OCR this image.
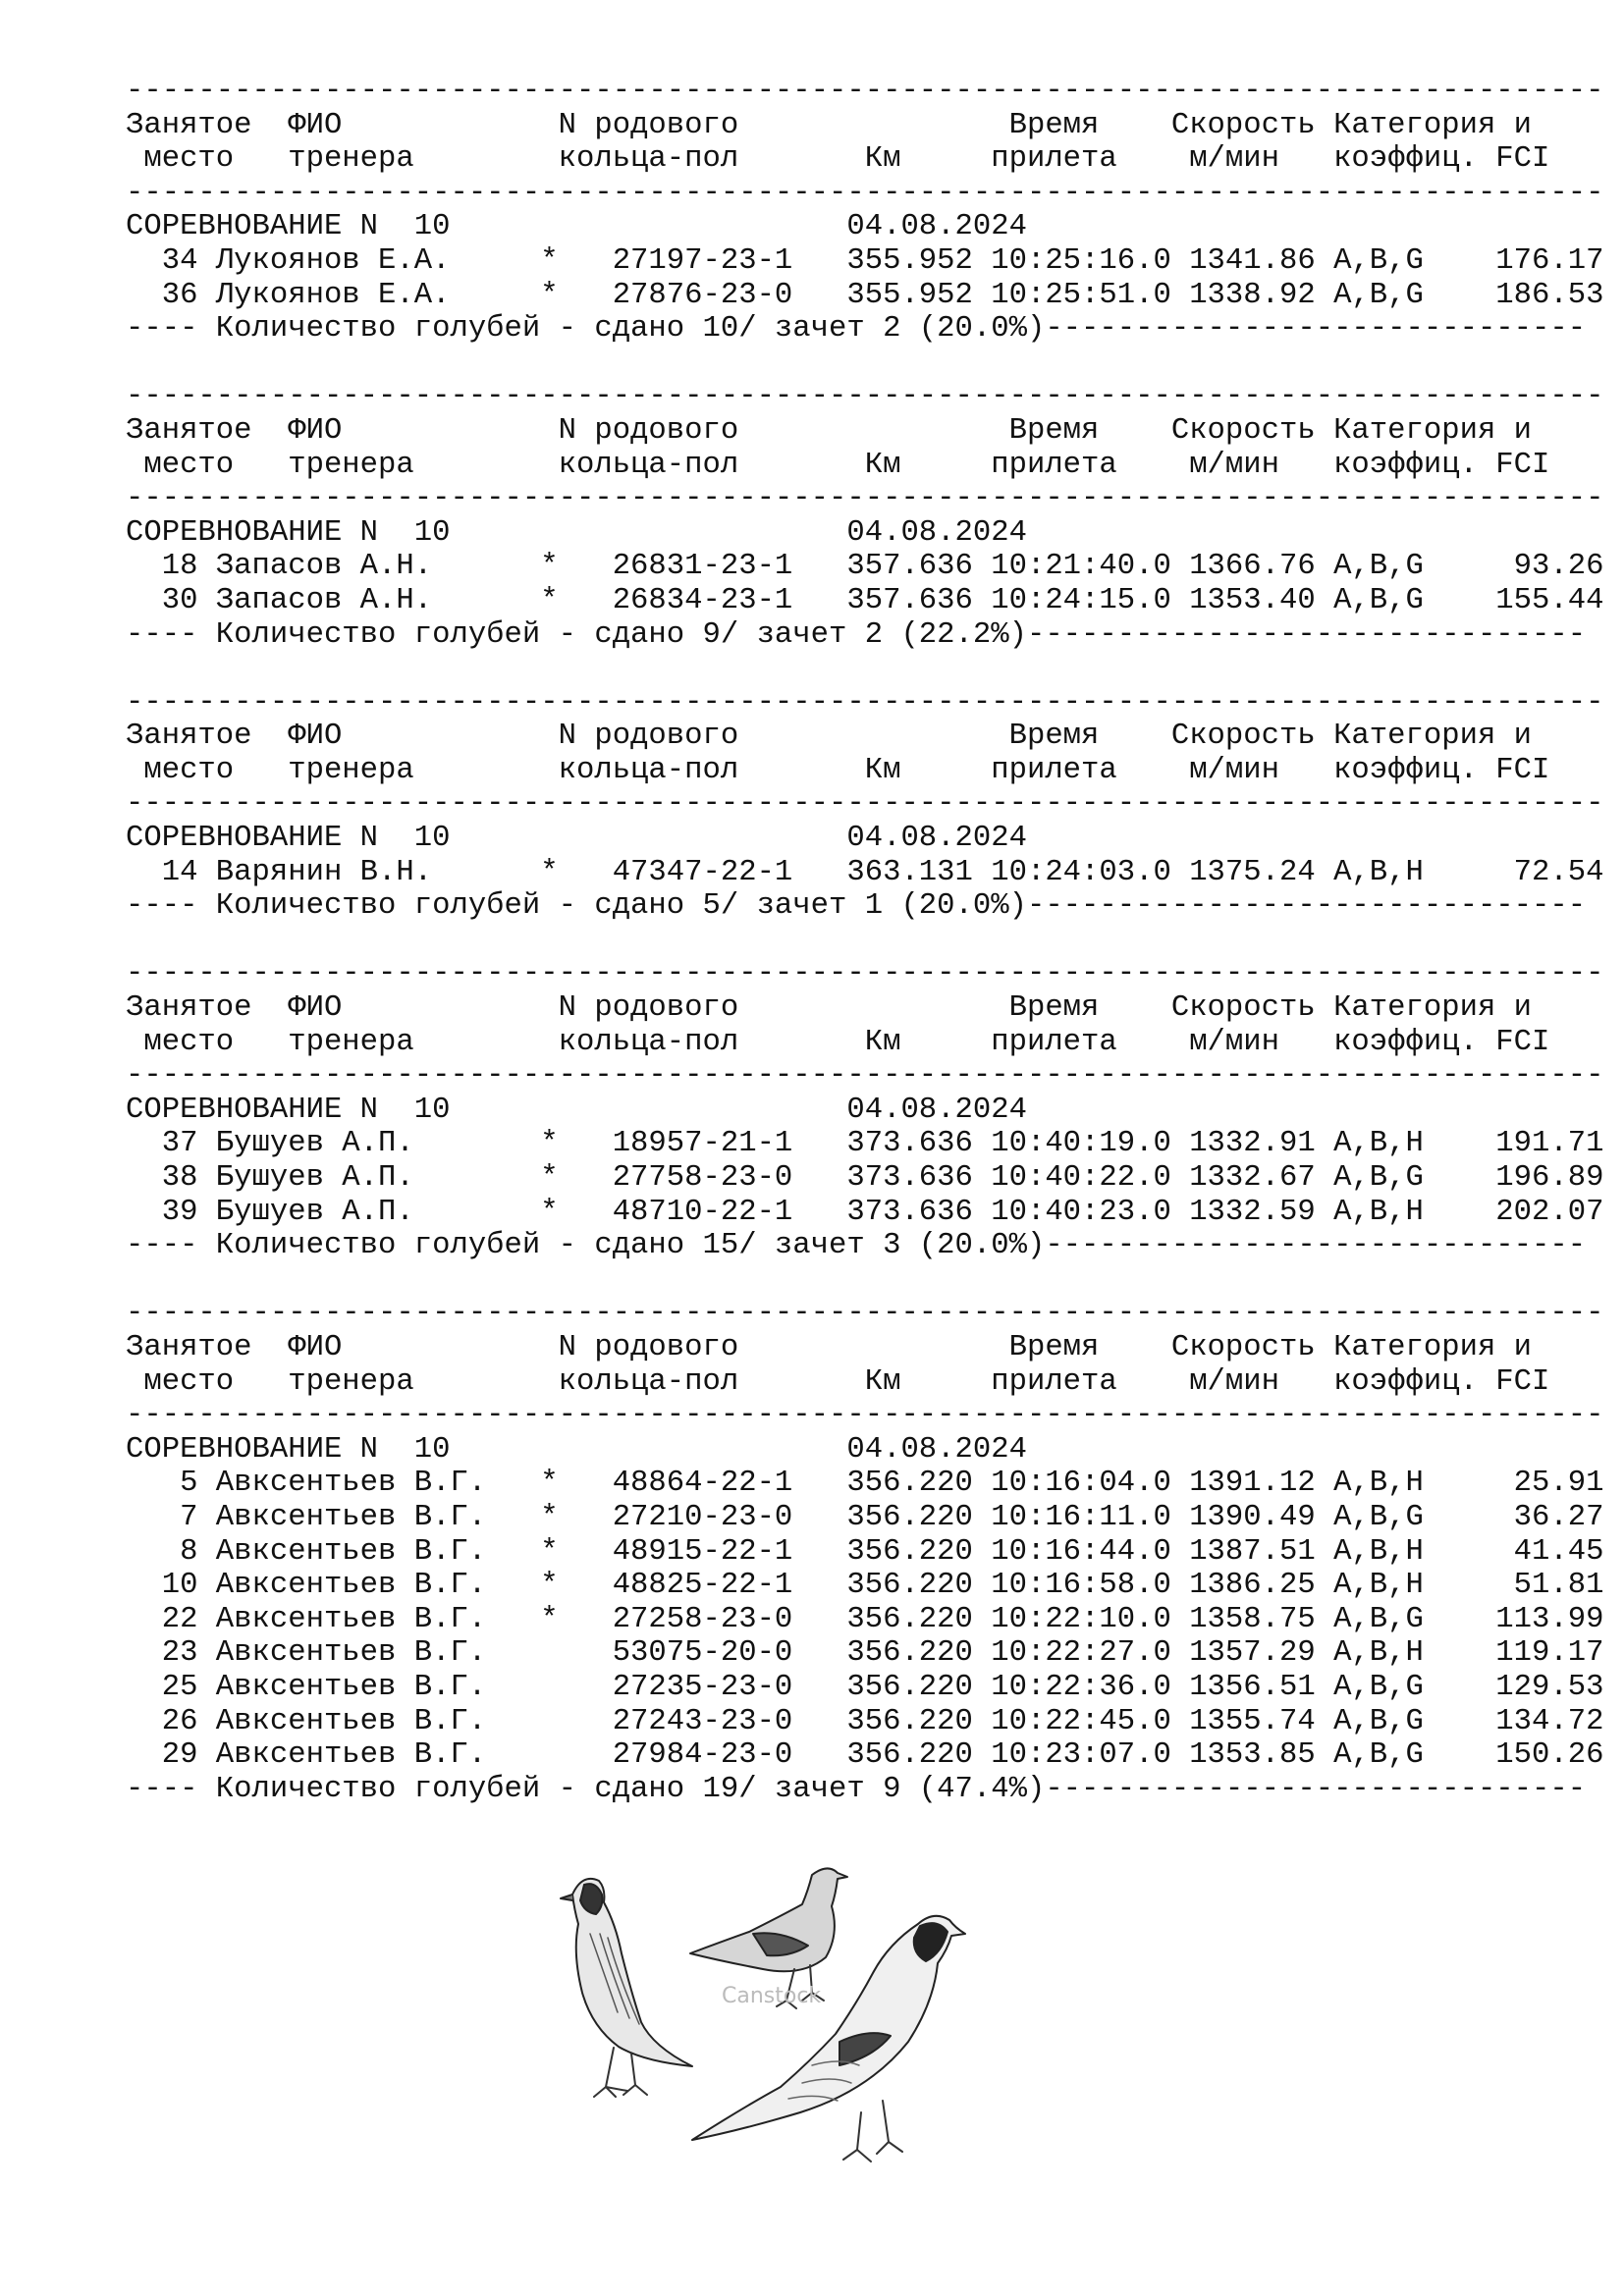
----------------------------------------------------------------------------------
Занятое  ФИО            N родового               Время    Скорость Категория и
место   тренера        кольца-пол       Км     прилета    м/мин   коэффиц. FCI
----------------------------------------------------------------------------------
СОРЕВНОВАНИЕ N  10                      04.08.2024
34 Лукоянов Е.А.     *   27197-23-1   355.952 10:25:16.0 1341.86 A,B,G    176.17
36 Лукоянов Е.А.     *   27876-23-0   355.952 10:25:51.0 1338.92 A,B,G    186.53
---- Количество голубей - сдано 10/ зачет 2 (20.0%)------------------------------
----------------------------------------------------------------------------------
Занятое  ФИО            N родового               Время    Скорость Категория и
место   тренера        кольца-пол       Км     прилета    м/мин   коэффиц. FCI
----------------------------------------------------------------------------------
СОРЕВНОВАНИЕ N  10                      04.08.2024
18 Запасов А.Н.      *   26831-23-1   357.636 10:21:40.0 1366.76 A,B,G     93.26
30 Запасов А.Н.      *   26834-23-1   357.636 10:24:15.0 1353.40 A,B,G    155.44
---- Количество голубей - сдано 9/ зачет 2 (22.2%)-------------------------------
----------------------------------------------------------------------------------
Занятое  ФИО            N родового               Время    Скорость Категория и
место   тренера        кольца-пол       Км     прилета    м/мин   коэффиц. FCI
----------------------------------------------------------------------------------
СОРЕВНОВАНИЕ N  10                      04.08.2024
14 Варянин В.Н.      *   47347-22-1   363.131 10:24:03.0 1375.24 A,B,H     72.54
---- Количество голубей - сдано 5/ зачет 1 (20.0%)-------------------------------
----------------------------------------------------------------------------------
Занятое  ФИО            N родового               Время    Скорость Категория и
место   тренера        кольца-пол       Км     прилета    м/мин   коэффиц. FCI
----------------------------------------------------------------------------------
СОРЕВНОВАНИЕ N  10                      04.08.2024
37 Бушуев А.П.       *   18957-21-1   373.636 10:40:19.0 1332.91 A,B,H    191.71
38 Бушуев А.П.       *   27758-23-0   373.636 10:40:22.0 1332.67 A,B,G    196.89
39 Бушуев А.П.       *   48710-22-1   373.636 10:40:23.0 1332.59 A,B,H    202.07
---- Количество голубей - сдано 15/ зачет 3 (20.0%)------------------------------
----------------------------------------------------------------------------------
Занятое  ФИО            N родового               Время    Скорость Категория и
место   тренера        кольца-пол       Км     прилета    м/мин   коэффиц. FCI
----------------------------------------------------------------------------------
СОРЕВНОВАНИЕ N  10                      04.08.2024
5 Авксентьев В.Г.   *   48864-22-1   356.220 10:16:04.0 1391.12 A,B,H     25.91
7 Авксентьев В.Г.   *   27210-23-0   356.220 10:16:11.0 1390.49 A,B,G     36.27
8 Авксентьев В.Г.   *   48915-22-1   356.220 10:16:44.0 1387.51 A,B,H     41.45
10 Авксентьев В.Г.   *   48825-22-1   356.220 10:16:58.0 1386.25 A,B,H     51.81
22 Авксентьев В.Г.   *   27258-23-0   356.220 10:22:10.0 1358.75 A,B,G    113.99
23 Авксентьев В.Г.       53075-20-0   356.220 10:22:27.0 1357.29 A,B,H    119.17
25 Авксентьев В.Г.       27235-23-0   356.220 10:22:36.0 1356.51 A,B,G    129.53
26 Авксентьев В.Г.       27243-23-0   356.220 10:22:45.0 1355.74 A,B,G    134.72
29 Авксентьев В.Г.       27984-23-0   356.220 10:23:07.0 1353.85 A,B,G    150.26
---- Количество голубей - сдано 19/ зачет 9 (47.4%)------------------------------
Canstock
